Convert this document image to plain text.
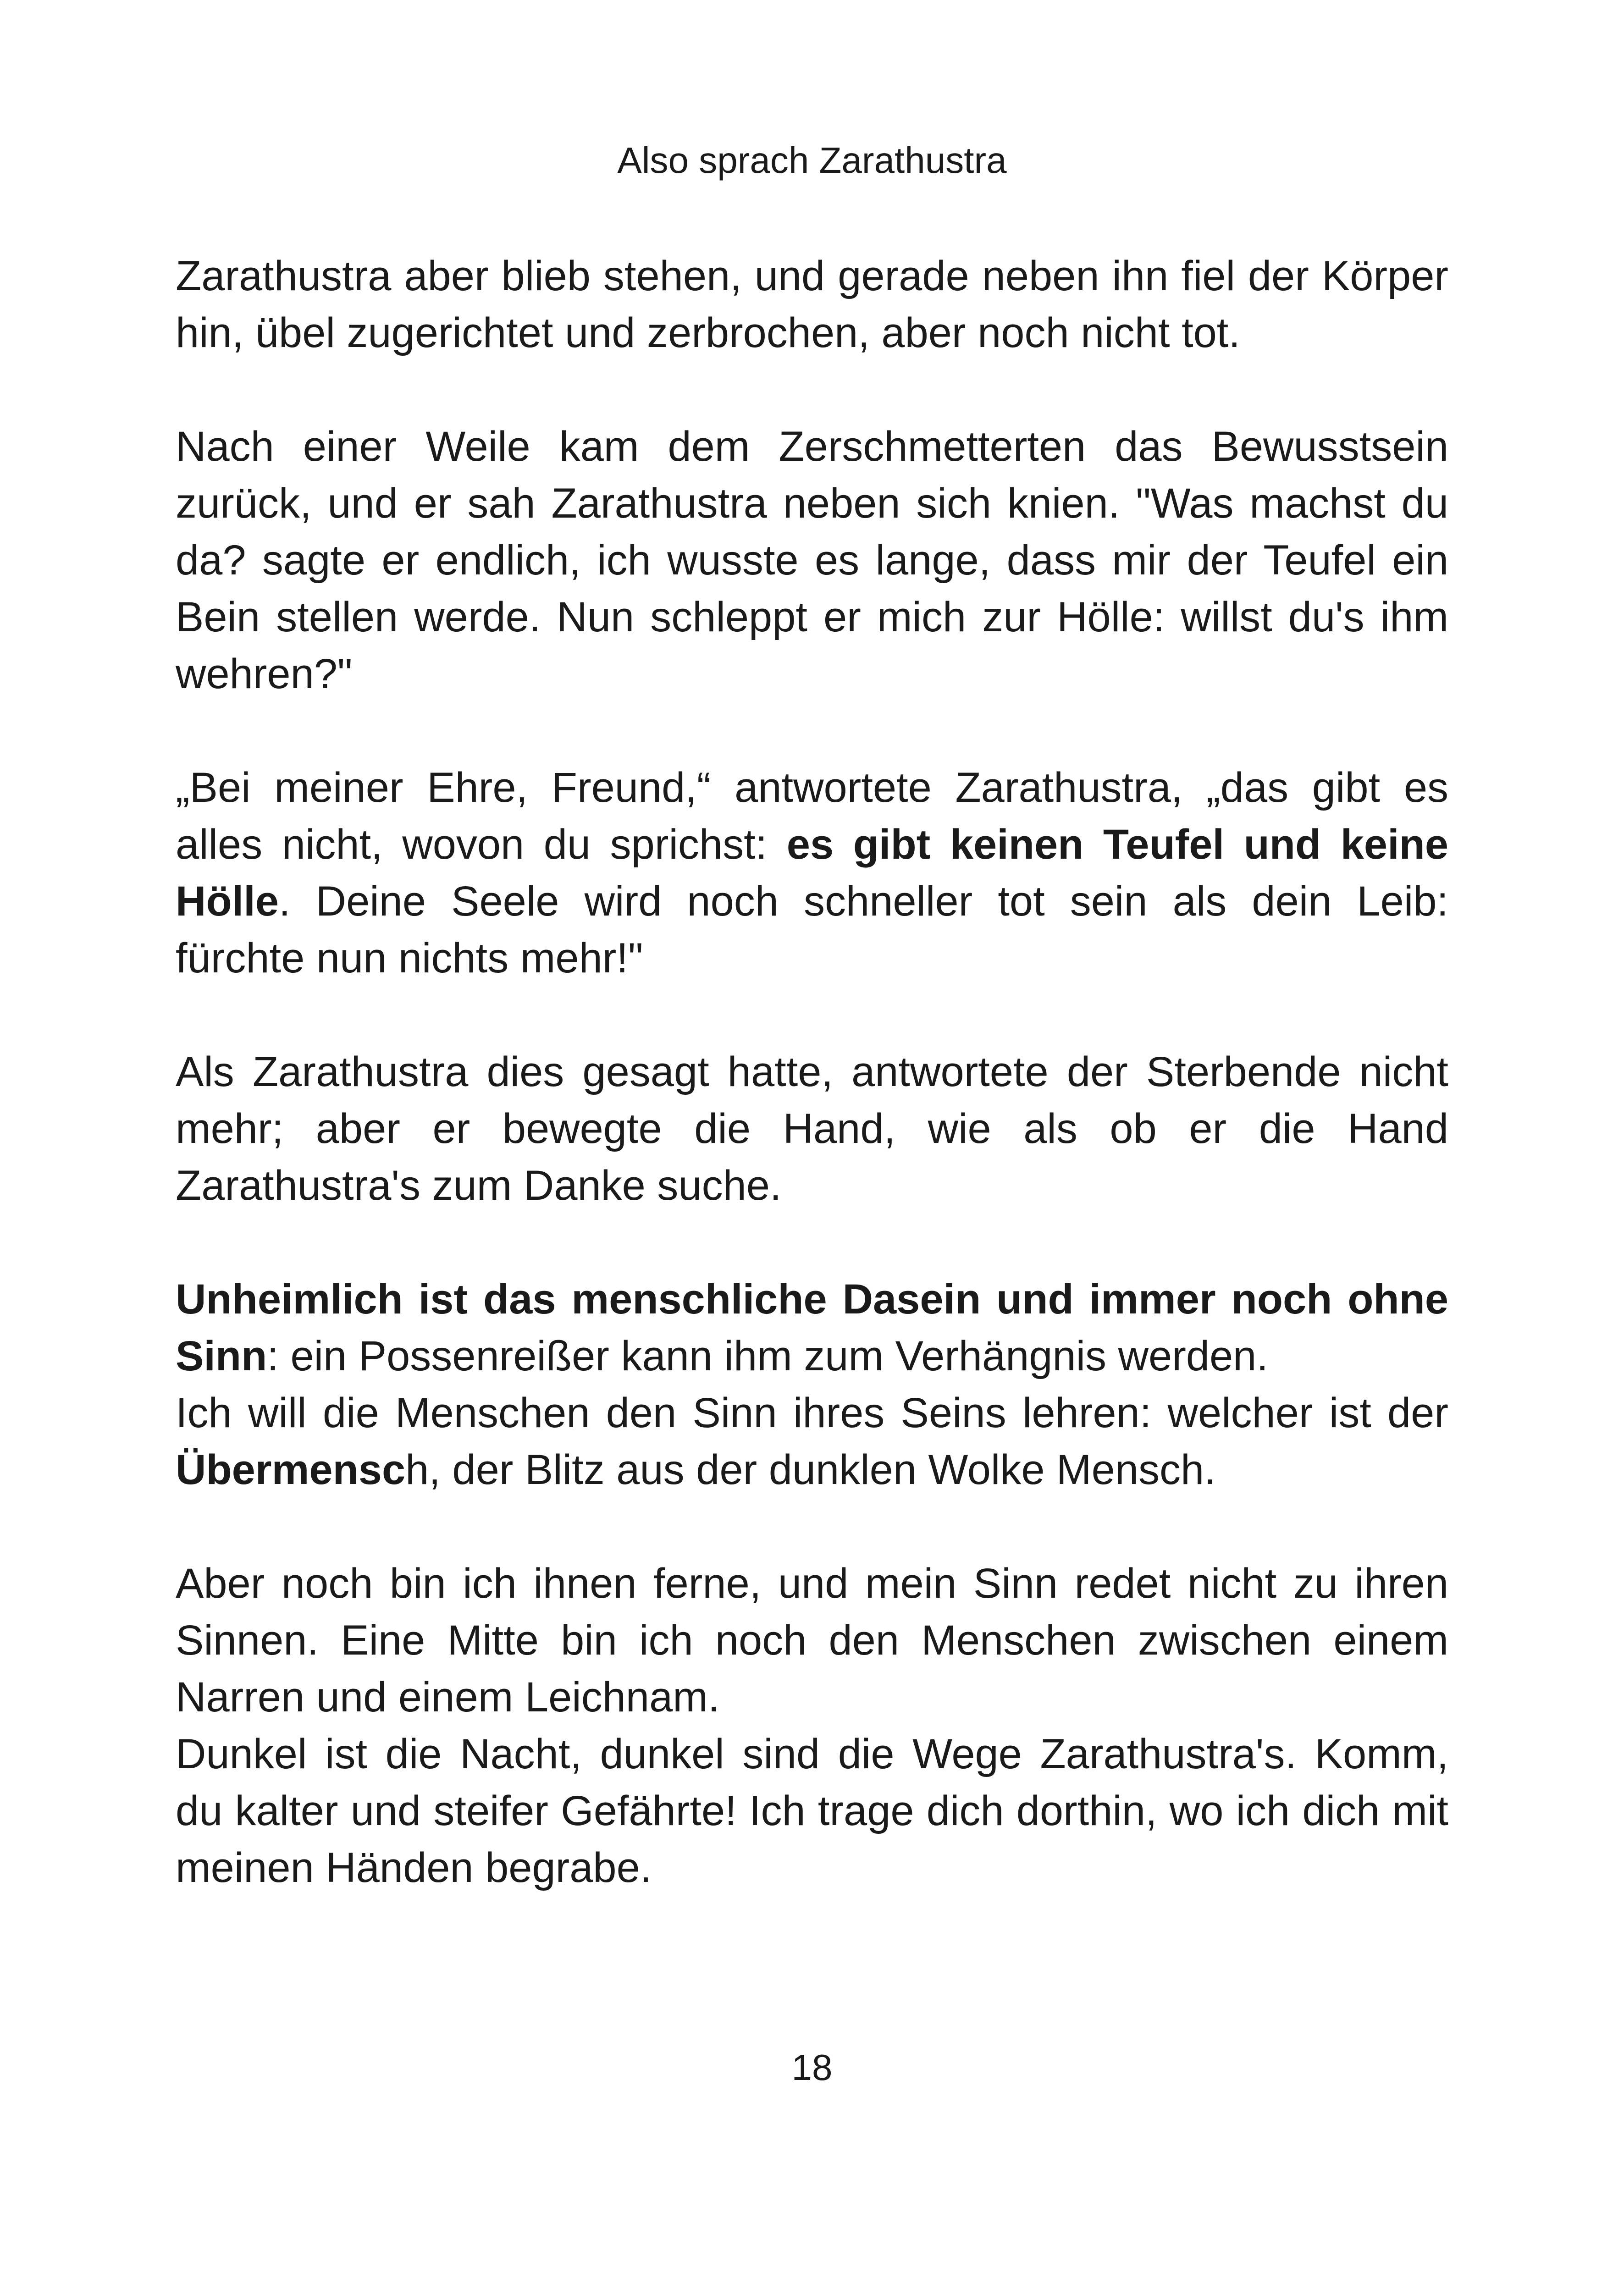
Also sprach Zarathustra

Zarathustra aber blieb stehen, und gerade neben ihn fiel der Körper hin, übel zugerichtet und zerbrochen, aber noch nicht tot.

Nach einer Weile kam dem Zerschmetterten das Bewusstsein zurück, und er sah Zarathustra neben sich knien. "Was machst du da? sagte er endlich, ich wusste es lange, dass mir der Teufel ein Bein stellen werde. Nun schleppt er mich zur Hölle: willst du's ihm wehren?"

„Bei meiner Ehre, Freund,“ antwortete Zarathustra, „das gibt es alles nicht, wovon du sprichst: es gibt keinen Teufel und keine Hölle. Deine Seele wird noch schneller tot sein als dein Leib: fürchte nun nichts mehr!"

Als Zarathustra dies gesagt hatte, antwortete der Sterbende nicht mehr; aber er bewegte die Hand, wie als ob er die Hand Zarathustra's zum Danke suche.

Unheimlich ist das menschliche Dasein und immer noch ohne Sinn: ein Possenreißer kann ihm zum Verhängnis werden.

Ich will die Menschen den Sinn ihres Seins lehren: welcher ist der Übermensch, der Blitz aus der dunklen Wolke Mensch.

Aber noch bin ich ihnen ferne, und mein Sinn redet nicht zu ihren Sinnen. Eine Mitte bin ich noch den Menschen zwischen einem Narren und einem Leichnam.

Dunkel ist die Nacht, dunkel sind die Wege Zarathustra's. Komm, du kalter und steifer Gefährte! Ich trage dich dorthin, wo ich dich mit meinen Händen begrabe.

18
